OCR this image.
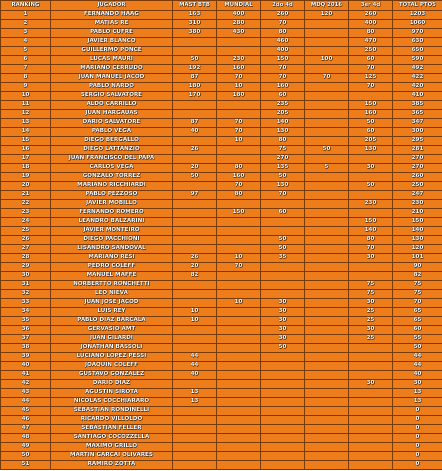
RANKING	JUGADOR	MAST BTB	MUNDIAL	2do 4d	MDQ 2016	3er 4d	TOTAL PTOS
1	FERNANDO HAAG	163	400	260	120	260	1203
2	MATIAS RE	310	280	70		400	1060
3	PABLO CUFRÉ	380	430	80		80	970
4	JAVIER BLANCO			460		470	630
5	GUILLERMO PONCE			400		250	650
6	LUCAS MAURI	50	230	150	100	60	590
7	MARIANO CERRUDO	192	160	70		70	492
8	JUAN MANUEL JACOD	87	70	70	70	125	422
9	PABLO NARDO	180	10	160		70	420
10	SERGIO SALVATORE	170	180	60			410
11	ALDO CARRILLO			235		150	385
12	JUAN HARGAUAS			205		160	365
13	DARIO SALVATORE	87	70	140		50	347
14	PABLO VEGA	40	70	130		60	300
15	DIEGO BERGALLO		10	80		205	295
16	DIEGO LATTANZIO	26		75	50	130	281
17	JUAN FRANCISCO DEL PAPA			270			270
18	CARLOS VEGA	20	80	135	5	30	270
19	GONZALO TORREZ	50	160	50			260
20	MARIANO RICCHIARDI		70	130		50	250
21	PABLO PEZZOSO	97	80	70			247
22	JAVIER MOBILLO					230	230
23	FERNANDO ROMERO		150	60			210
24	LEANDRO BALZARINI					150	150
25	JAVIER MONTEIRO					140	140
26	DIEGO PACCHIONI			50		80	130
27	LISANDRO SANDOVAL			50		70	120
28	MARIANO RESI	26	10	35		30	101
29	PEDRO COLEFF	20	70				90
30	MANUEL MAFFE	82					82
31	NORBERTTO RONCHETTI					75	75
32	LEO NIEVA					75	75
33	JUAN JOSE JACOD		10	30		30	70
34	LUIS REY	10		30		25	65
35	PABLO DIAZ BARCALA	10		30		25	65
36	GERVASIO AMT			30		30	60
37	JUAN GILARDI			30		25	55
38	JONATHAN BASSOLI			50			50
39	LUCIANO LOPEZ PESSI	44					44
40	JOAQUIN COLEFF	44					44
41	GUSTAVO GONZALEZ	40					40
42	DARIO DIAZ					30	30
43	AGUSTIN SIROTA	13					13
44	NICOLAS COCCHIARARO	13					13
45	SEBASTIAN RONDINELLI						0
46	RICARDO VILLOLDO						0
47	SEBASTIAN FELLER						0
48	SANTIAGO COCOZZELLA						0
49	MAXIMO GRILLO						0
50	MARTIN GARCAI OLIVARES						0
51	RAMIRO ZOTTA						0
